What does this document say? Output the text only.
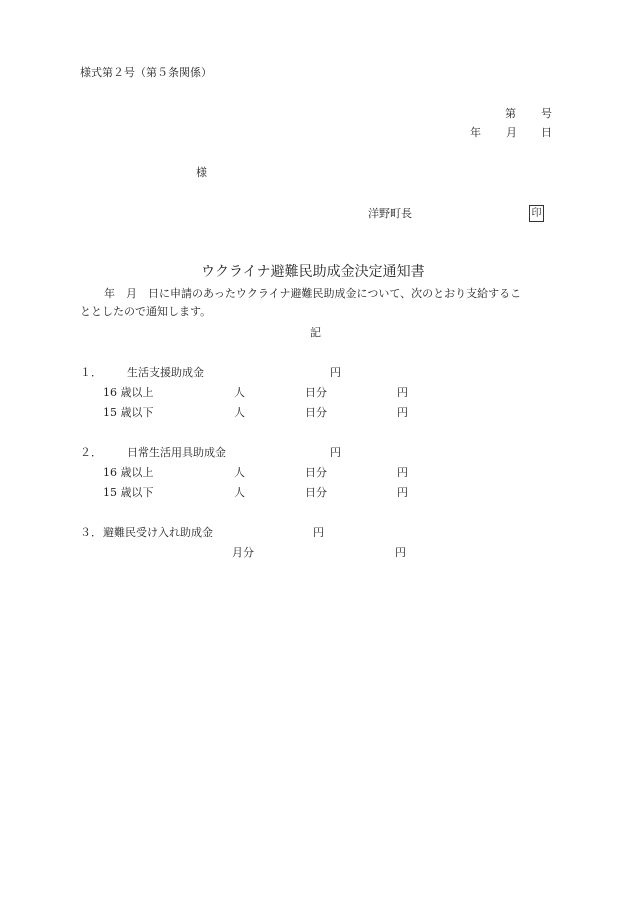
様式第２号（第５条関係）
第 号
年 月 日
様
洋野町長	印
ウクライナ避難民助成金決定通知書
年　月　日に申請のあったウクライナ避難民助成金について、次のとおり支給するこ
ととしたので通知します。
記
１． 生活支援助成金	円
16 歳以上	人	日分	円
15 歳以下	人	日分	円
２． 日常生活用具助成金	円
16 歳以上	人	日分	円
15 歳以下	人	日分	円
３． 避難民受け入れ助成金	円
月分	円
